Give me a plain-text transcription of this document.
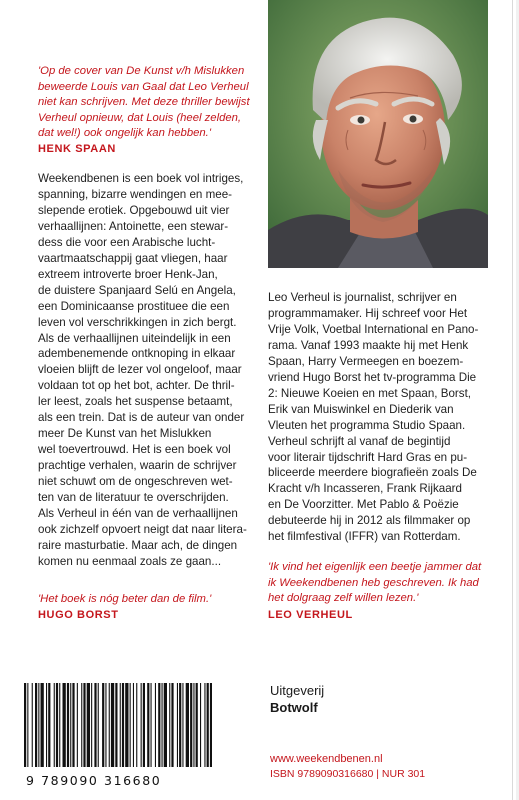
'Op de cover van De Kunst v/h Mislukken
beweerde Louis van Gaal dat Leo Verheul
niet kan schrijven. Met deze thriller bewijst
Verheul opnieuw, dat Louis (heel zelden,
dat wel!) ook ongelijk kan hebben.'
HENK SPAAN
Weekendbenen is een boek vol intriges,
spanning, bizarre wendingen en mee-
slepende erotiek. Opgebouwd uit vier
verhaallijnen: Antoinette, een stewar-
dess die voor een Arabische lucht-
vaartmaatschappij gaat vliegen, haar
extreem introverte broer Henk-Jan,
de duistere Spanjaard Selú en Angela,
een Dominicaanse prostituee die een
leven vol verschrikkingen in zich bergt.
Als de verhaallijnen uiteindelijk in een
adembenemende ontknoping in elkaar
vloeien blijft de lezer vol ongeloof, maar
voldaan tot op het bot, achter. De thril-
ler leest, zoals het suspense betaamt,
als een trein. Dat is de auteur van onder
meer De Kunst van het Mislukken
wel toevertrouwd. Het is een boek vol
prachtige verhalen, waarin de schrijver
niet schuwt om de ongeschreven wet-
ten van de literatuur te overschrijden.
Als Verheul in één van de verhaallijnen
ook zichzelf opvoert neigt dat naar litera-
raire masturbatie. Maar ach, de dingen
komen nu eenmaal zoals ze gaan...
'Het boek is nóg beter dan de film.'
HUGO BORST
Leo Verheul is journalist, schrijver en
programmamaker. Hij schreef voor Het
Vrije Volk, Voetbal International en Pano-
rama. Vanaf 1993 maakte hij met Henk
Spaan, Harry Vermeegen en boezem-
vriend Hugo Borst het tv-programma Die
2: Nieuwe Koeien en met Spaan, Borst,
Erik van Muiswinkel en Diederik van
Vleuten het programma Studio Spaan.
Verheul schrijft al vanaf de begintijd
voor literair tijdschrift Hard Gras en pu-
bliceerde meerdere biografieën zoals De
Kracht v/h Incasseren, Frank Rijkaard
en De Voorzitter. Met Pablo & Poëzie
debuteerde hij in 2012 als filmmaker op
het filmfestival (IFFR) van Rotterdam.
'Ik vind het eigenlijk een beetje jammer dat
ik Weekendbenen heb geschreven. Ik had
het dolgraag zelf willen lezen.'
LEO VERHEUL
9 789090 316680
Uitgeverij
Botwolf
www.weekendbenen.nl
ISBN 9789090316680 | NUR 301
